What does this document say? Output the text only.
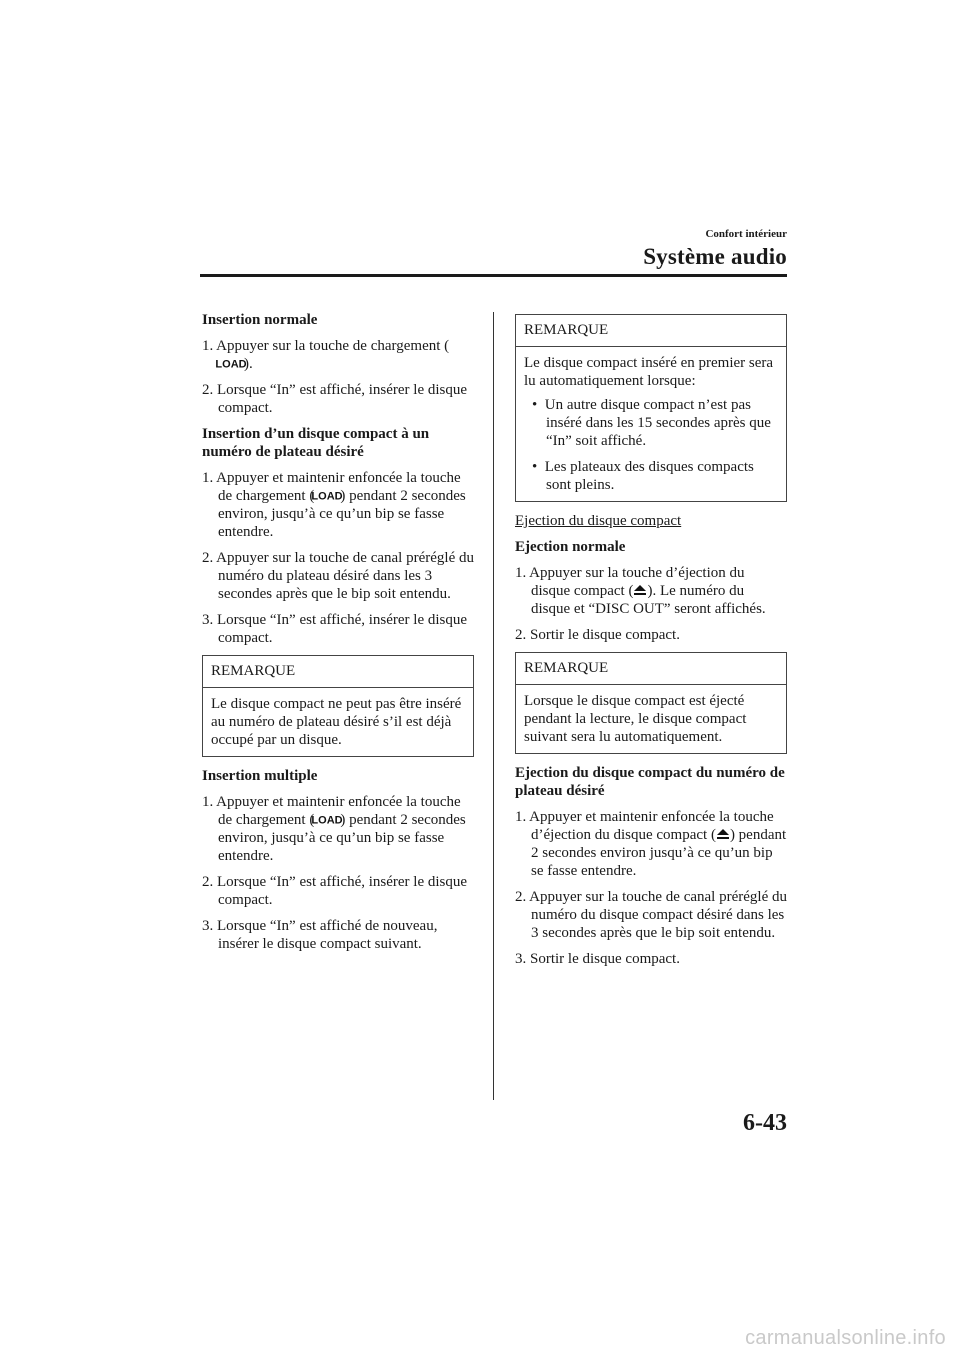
Confort intérieur
Système audio
Insertion normale
1. Appuyer sur la touche de chargement (
LOAD
).
2. Lorsque “In” est affiché, insérer le disque compact.
Insertion d’un disque compact à un numéro de plateau désiré
1. Appuyer et maintenir enfoncée la touche de chargement (
LOAD
) pendant 2 secondes environ, jusqu’à ce qu’un bip se fasse entendre.
2. Appuyer sur la touche de canal préréglé du numéro du plateau désiré dans les 3 secondes après que le bip soit entendu.
3. Lorsque “In” est affiché, insérer le disque compact.
REMARQUE
Le disque compact ne peut pas être inséré au numéro de plateau désiré s’il est déjà occupé par un disque.
Insertion multiple
1. Appuyer et maintenir enfoncée la touche de chargement (
LOAD
) pendant 2 secondes environ, jusqu’à ce qu’un bip se fasse entendre.
2. Lorsque “In” est affiché, insérer le disque compact.
3. Lorsque “In” est affiché de nouveau, insérer le disque compact suivant.
REMARQUE
Le disque compact inséré en premier sera lu automatiquement lorsque:
•  Un autre disque compact n’est pas inséré dans les 15 secondes après que “In” soit affiché.
•  Les plateaux des disques compacts sont pleins.
Ejection du disque compact
Ejection normale
1. Appuyer sur la touche d’éjection du disque compact ( ). Le numéro du disque et “DISC OUT” seront affichés.
2. Sortir le disque compact.
REMARQUE
Lorsque le disque compact est éjecté pendant la lecture, le disque compact suivant sera lu automatiquement.
Ejection du disque compact du numéro de plateau désiré
1. Appuyer et maintenir enfoncée la touche d’éjection du disque compact ( ) pendant 2 secondes environ jusqu’à ce qu’un bip se fasse entendre.
2. Appuyer sur la touche de canal préréglé du numéro du disque compact désiré dans les 3 secondes après que le bip soit entendu.
3. Sortir le disque compact.
6-43
carmanualsonline.info
